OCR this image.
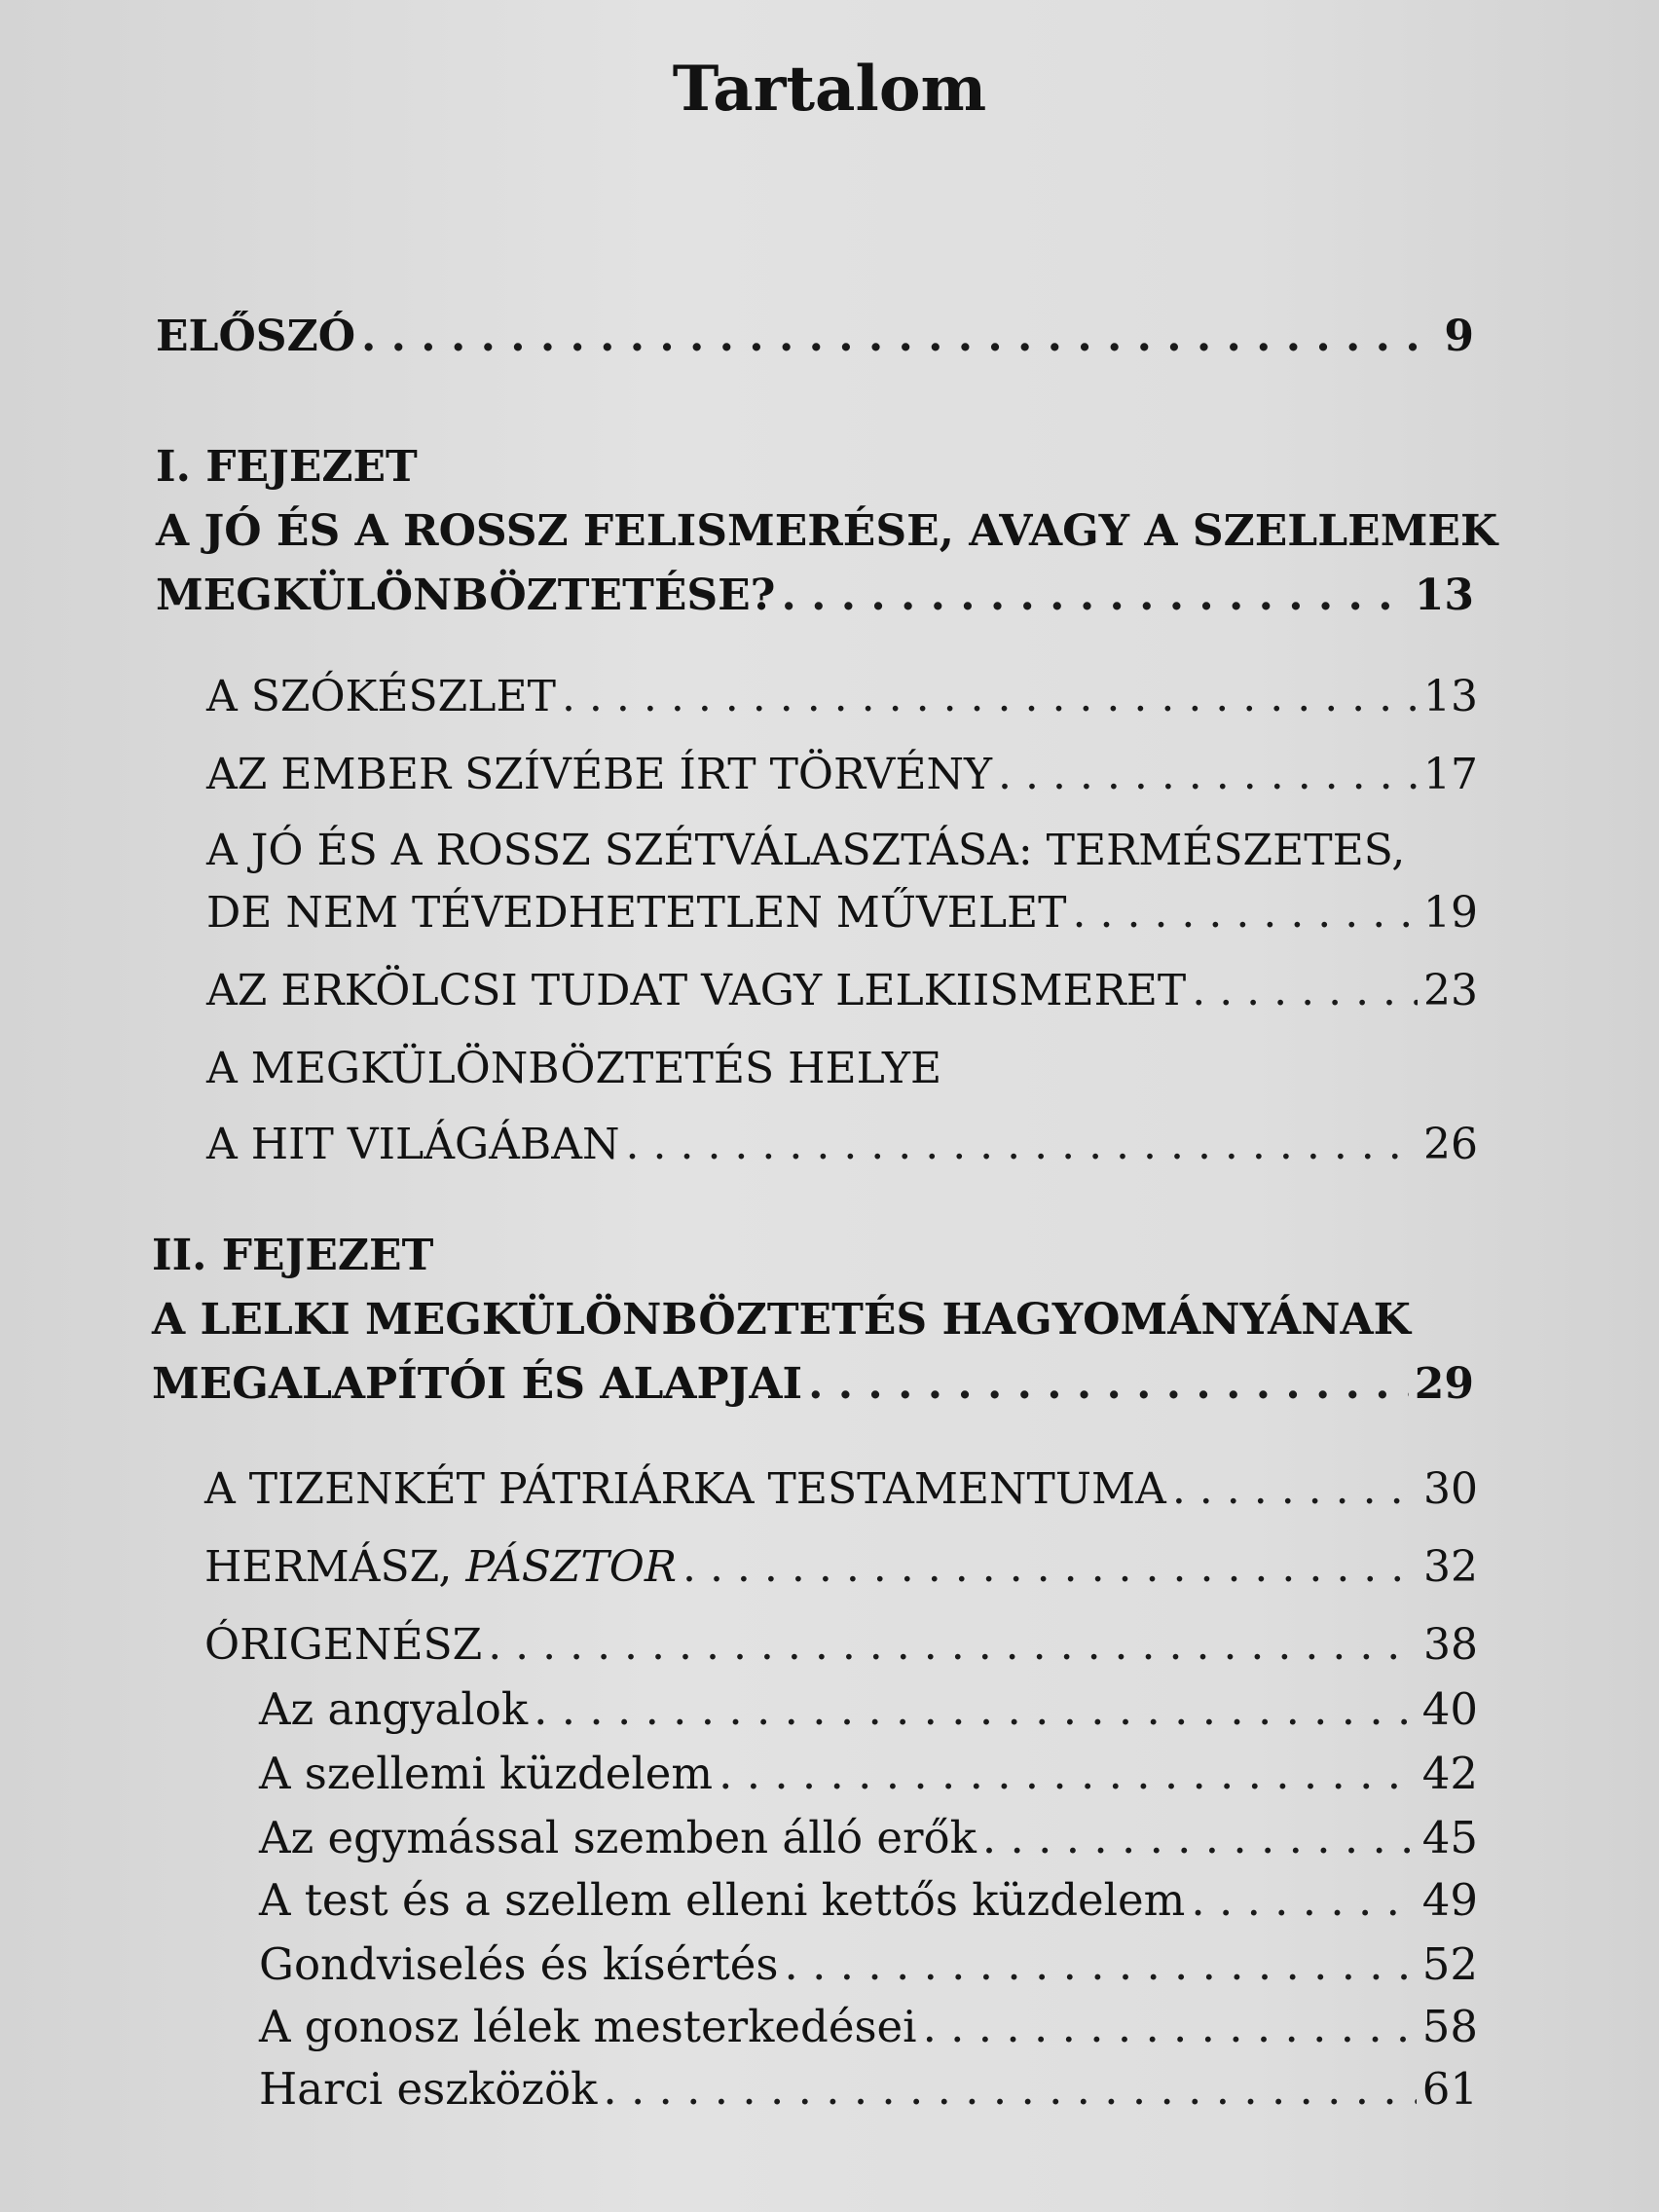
Tartalom
ELŐSZÓ . . .	9
I. FEJEZET
A JÓ ÉS A ROSSZ FELISMERÉSE, AVAGY A SZELLEMEK
MEGKÜLÖNBÖZTETÉSE? . . .	13
A SZÓKÉSZLET . . .	13
AZ EMBER SZÍVÉBE ÍRT TÖRVÉNY . . .	17
A JÓ ÉS A ROSSZ SZÉTVÁLASZTÁSA: TERMÉSZETES,
DE NEM TÉVEDHETETLEN MŰVELET . . .	19
AZ ERKÖLCSI TUDAT VAGY LELKIISMERET . . .	23
A MEGKÜLÖNBÖZTETÉS HELYE
A HIT VILÁGÁBAN . . .	26
II. FEJEZET
A LELKI MEGKÜLÖNBÖZTETÉS HAGYOMÁNYÁNAK
MEGALAPÍTÓI ÉS ALAPJAI . . .	29
A TIZENKÉT PÁTRIÁRKA TESTAMENTUMA . . .	30
HERMÁSZ, PÁSZTOR . . .	32
ÓRIGENÉSZ . . .	38
Az angyalok . . .	40
A szellemi küzdelem . . .	42
Az egymással szemben álló erők . . .	45
A test és a szellem elleni kettős küzdelem . . .	49
Gondviselés és kísértés . . .	52
A gonosz lélek mesterkedései . . .	58
Harci eszközök . . .	61
